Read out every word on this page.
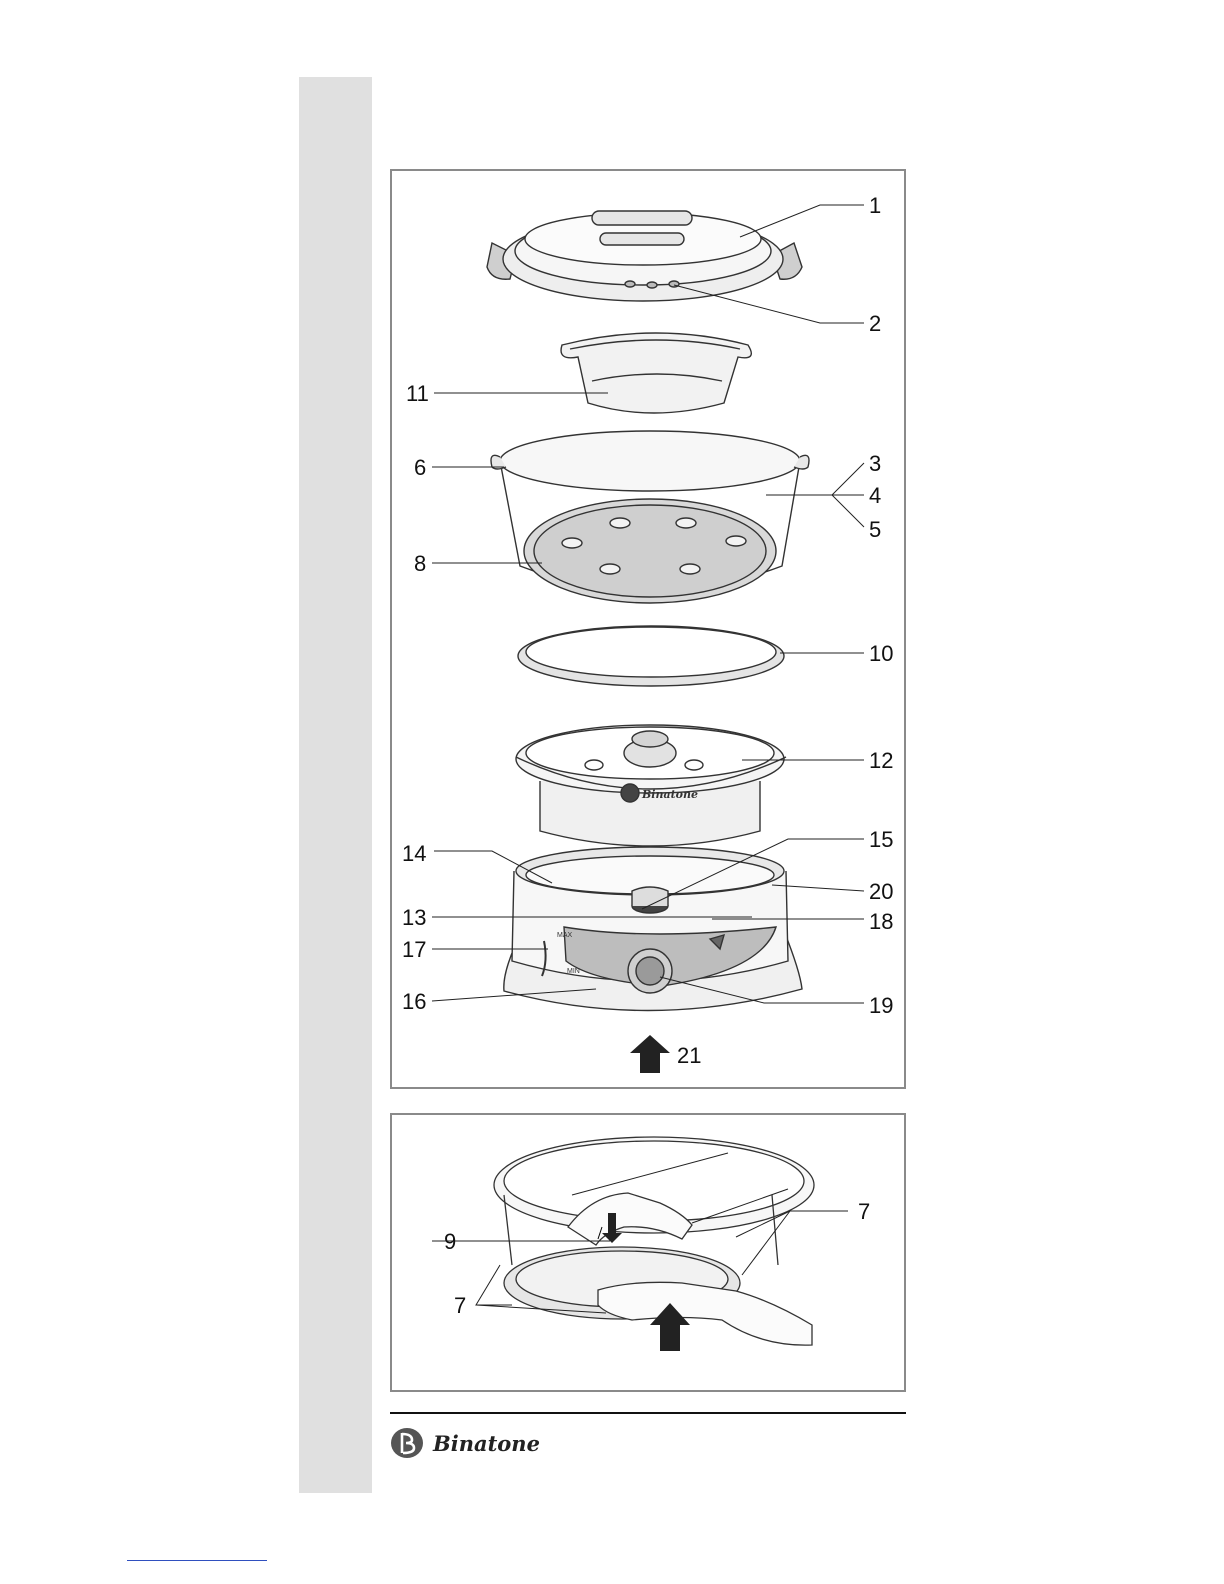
Binatone
1
2
11
6	3
4
5
8
10
12
15
14
20
13	18
17
16	19
21
MAX
MIN
7
9
7
Binatone
